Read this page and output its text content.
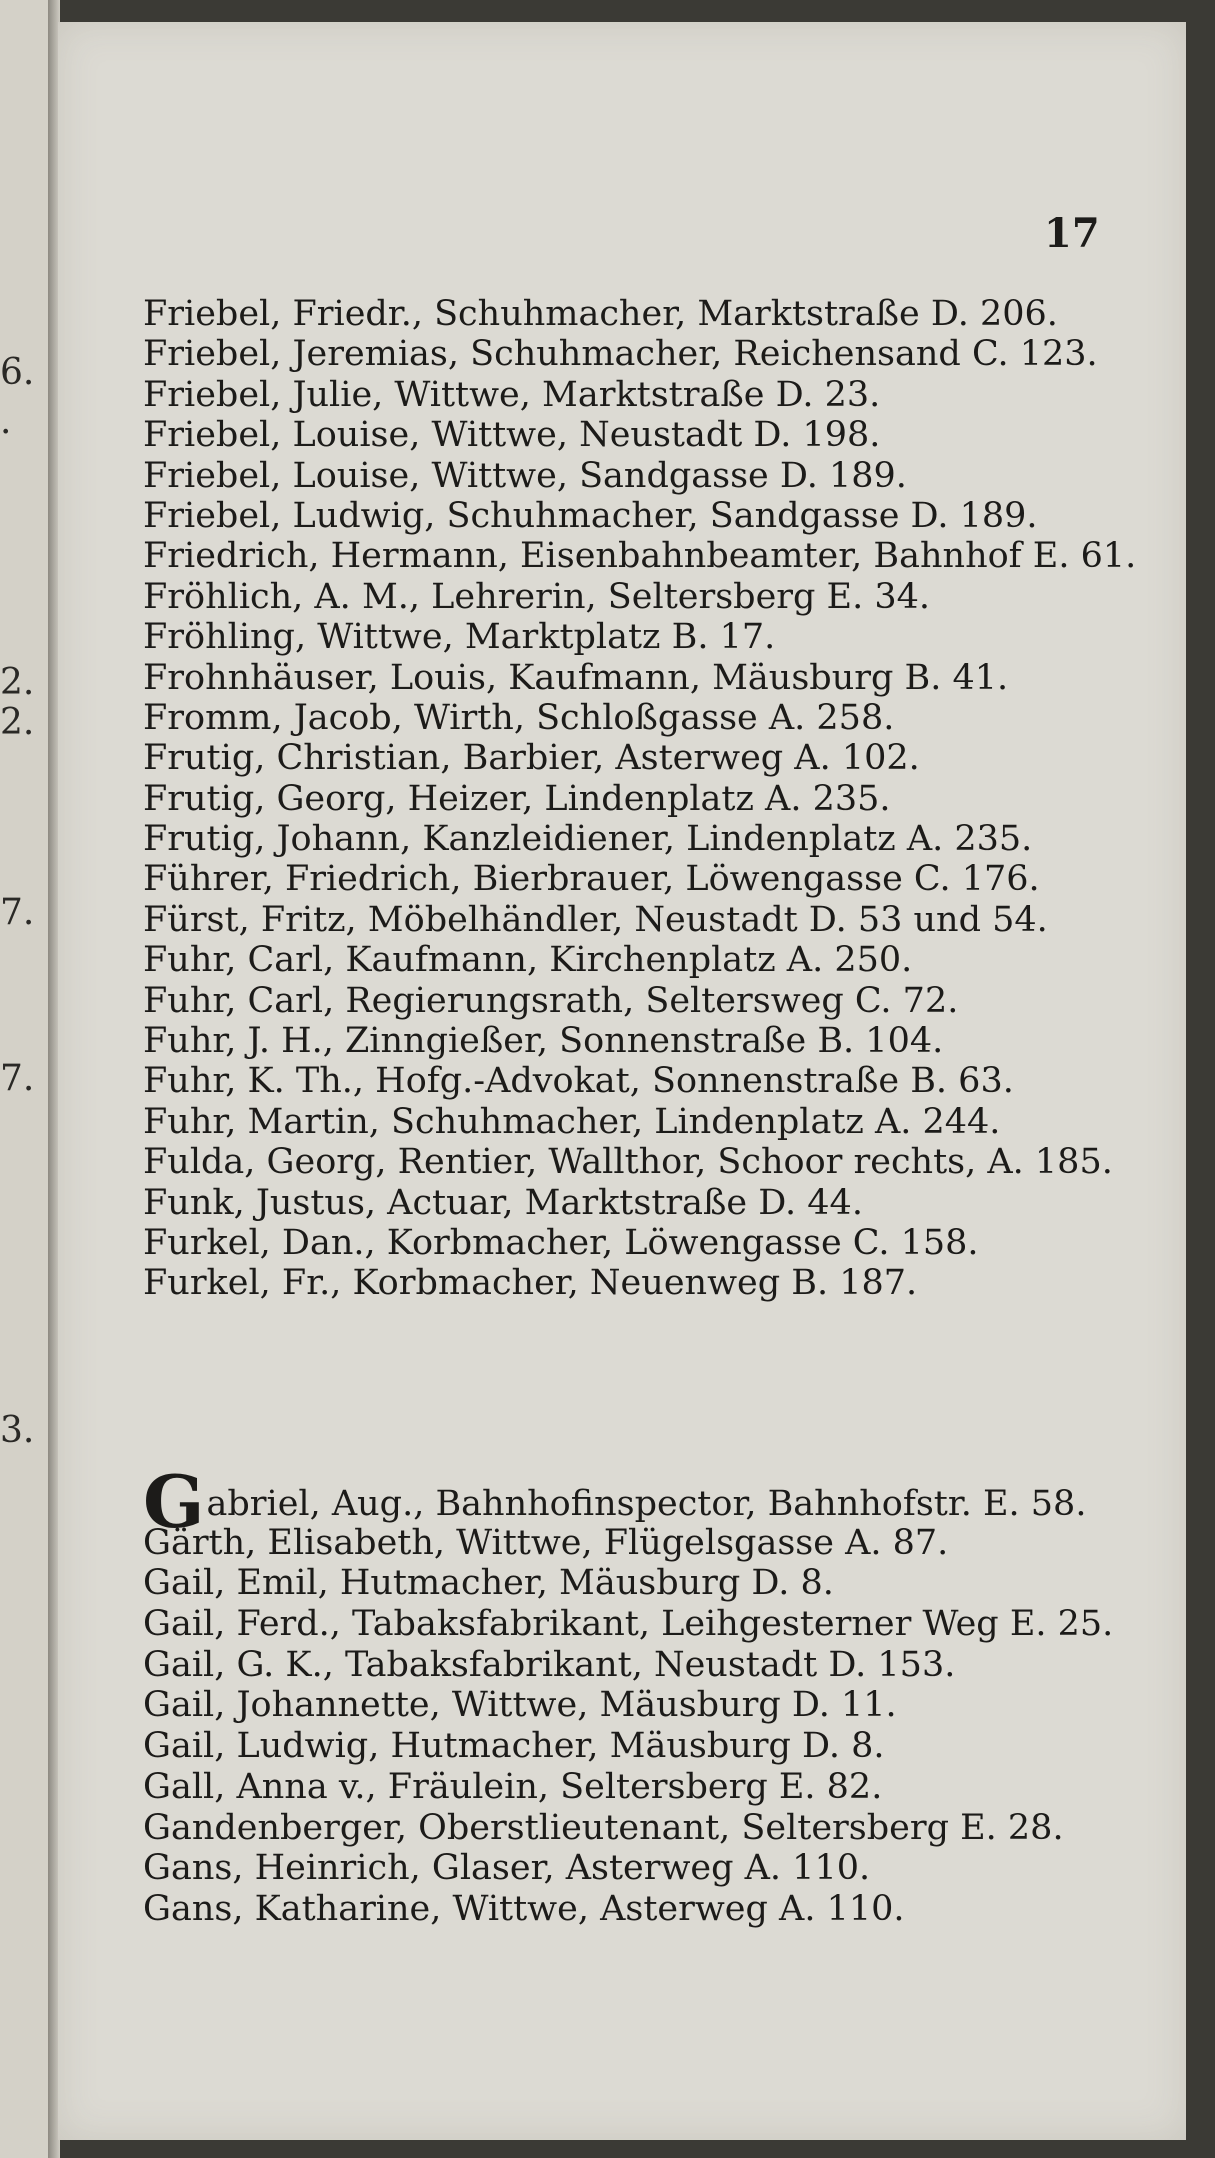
6.
·
2.
2.
7.
7.
3.
17
Friebel, Friedr., Schuhmacher, Marktstraße D. 206.
Friebel, Jeremias, Schuhmacher, Reichensand C. 123.
Friebel, Julie, Wittwe, Marktstraße D. 23.
Friebel, Louise, Wittwe, Neustadt D. 198.
Friebel, Louise, Wittwe, Sandgasse D. 189.
Friebel, Ludwig, Schuhmacher, Sandgasse D. 189.
Friedrich, Hermann, Eisenbahnbeamter, Bahnhof E. 61.
Fröhlich, A. M., Lehrerin, Seltersberg E. 34.
Fröhling, Wittwe, Marktplatz B. 17.
Frohnhäuser, Louis, Kaufmann, Mäusburg B. 41.
Fromm, Jacob, Wirth, Schloßgasse A. 258.
Frutig, Christian, Barbier, Asterweg A. 102.
Frutig, Georg, Heizer, Lindenplatz A. 235.
Frutig, Johann, Kanzleidiener, Lindenplatz A. 235.
Führer, Friedrich, Bierbrauer, Löwengasse C. 176.
Fürst, Fritz, Möbelhändler, Neustadt D. 53 und 54.
Fuhr, Carl, Kaufmann, Kirchenplatz A. 250.
Fuhr, Carl, Regierungsrath, Seltersweg C. 72.
Fuhr, J. H., Zinngießer, Sonnenstraße B. 104.
Fuhr, K. Th., Hofg.-Advokat, Sonnenstraße B. 63.
Fuhr, Martin, Schuhmacher, Lindenplatz A. 244.
Fulda, Georg, Rentier, Wallthor, Schoor rechts, A. 185.
Funk, Justus, Actuar, Marktstraße D. 44.
Furkel, Dan., Korbmacher, Löwengasse C. 158.
Furkel, Fr., Korbmacher, Neuenweg B. 187.
Gabriel, Aug., Bahnhofinspector, Bahnhofstr. E. 58.
Gärth, Elisabeth, Wittwe, Flügelsgasse A. 87.
Gail, Emil, Hutmacher, Mäusburg D. 8.
Gail, Ferd., Tabaksfabrikant, Leihgesterner Weg E. 25.
Gail, G. K., Tabaksfabrikant, Neustadt D. 153.
Gail, Johannette, Wittwe, Mäusburg D. 11.
Gail, Ludwig, Hutmacher, Mäusburg D. 8.
Gall, Anna v., Fräulein, Seltersberg E. 82.
Gandenberger, Oberstlieutenant, Seltersberg E. 28.
Gans, Heinrich, Glaser, Asterweg A. 110.
Gans, Katharine, Wittwe, Asterweg A. 110.
